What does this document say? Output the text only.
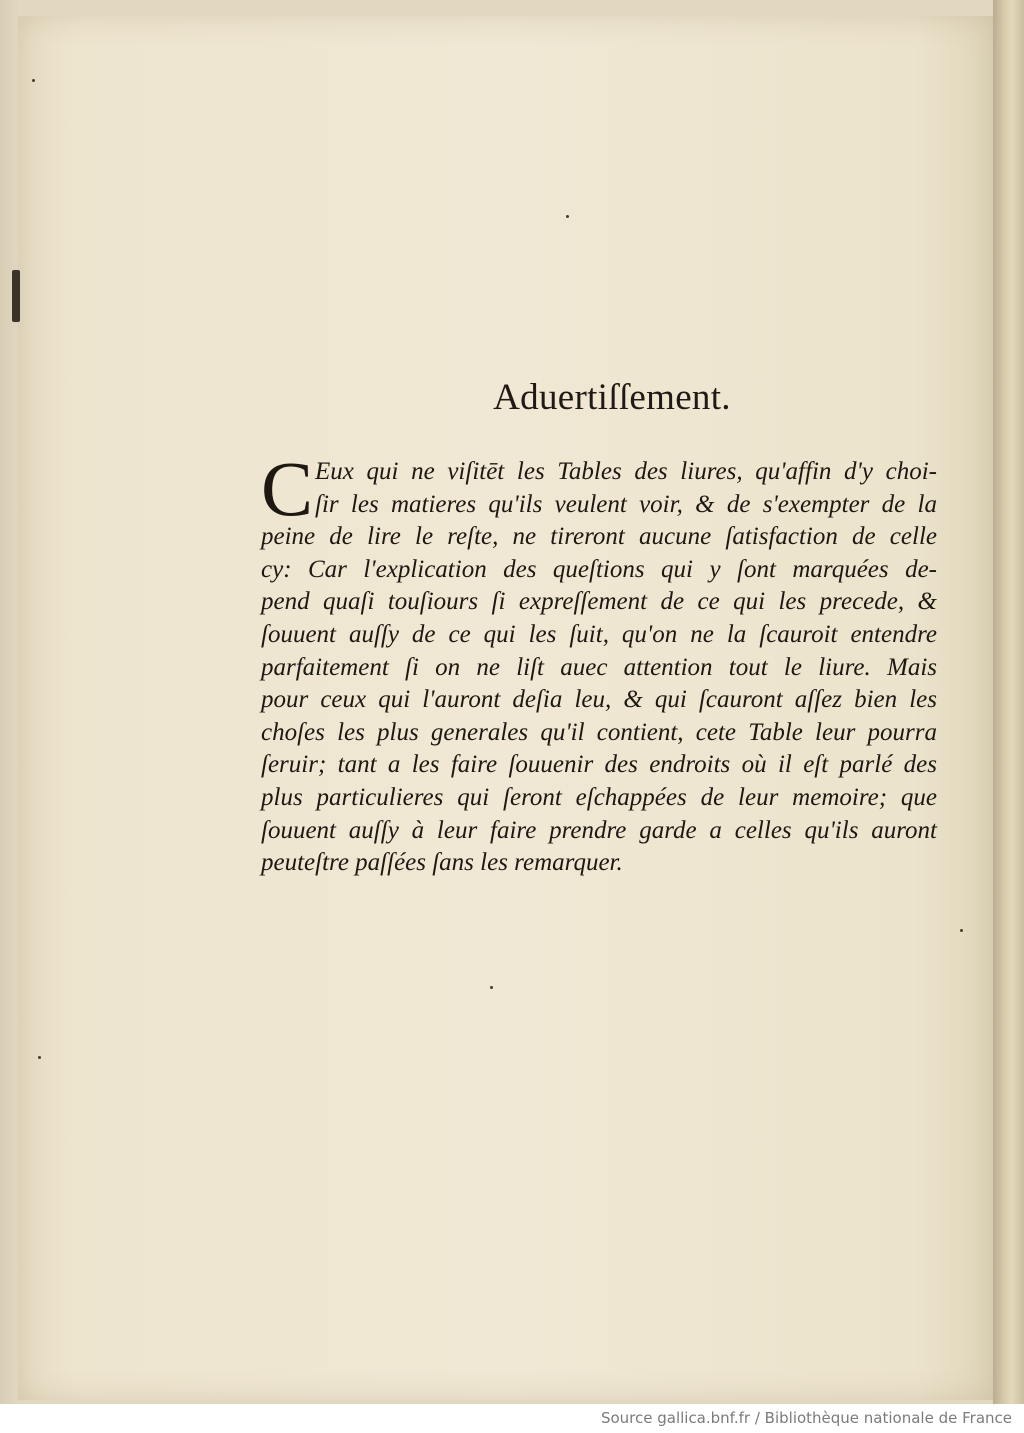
Aduertiſſement.
C Eux qui ne viſitēt les Tables des liures, qu'affin d'y choi-
ſir les matieres qu'ils veulent voir, & de s'exempter de la
peine de lire le reſte, ne tireront aucune ſatisfaction de celle
cy: Car l'explication des queſtions qui y ſont marquées de-
pend quaſi touſiours ſi expreſſement de ce qui les precede, &
ſouuent auſſy de ce qui les ſuit, qu'on ne la ſcauroit entendre
parfaitement ſi on ne liſt auec attention tout le liure. Mais
pour ceux qui l'auront deſia leu, & qui ſcauront aſſez bien les
choſes les plus generales qu'il contient, cete Table leur pourra
ſeruir; tant a les faire ſouuenir des endroits où il eſt parlé des
plus particulieres qui ſeront eſchappées de leur memoire; que
ſouuent auſſy à leur faire prendre garde a celles qu'ils auront
peuteſtre paſſées ſans les remarquer.
Source gallica.bnf.fr / Bibliothèque nationale de France
